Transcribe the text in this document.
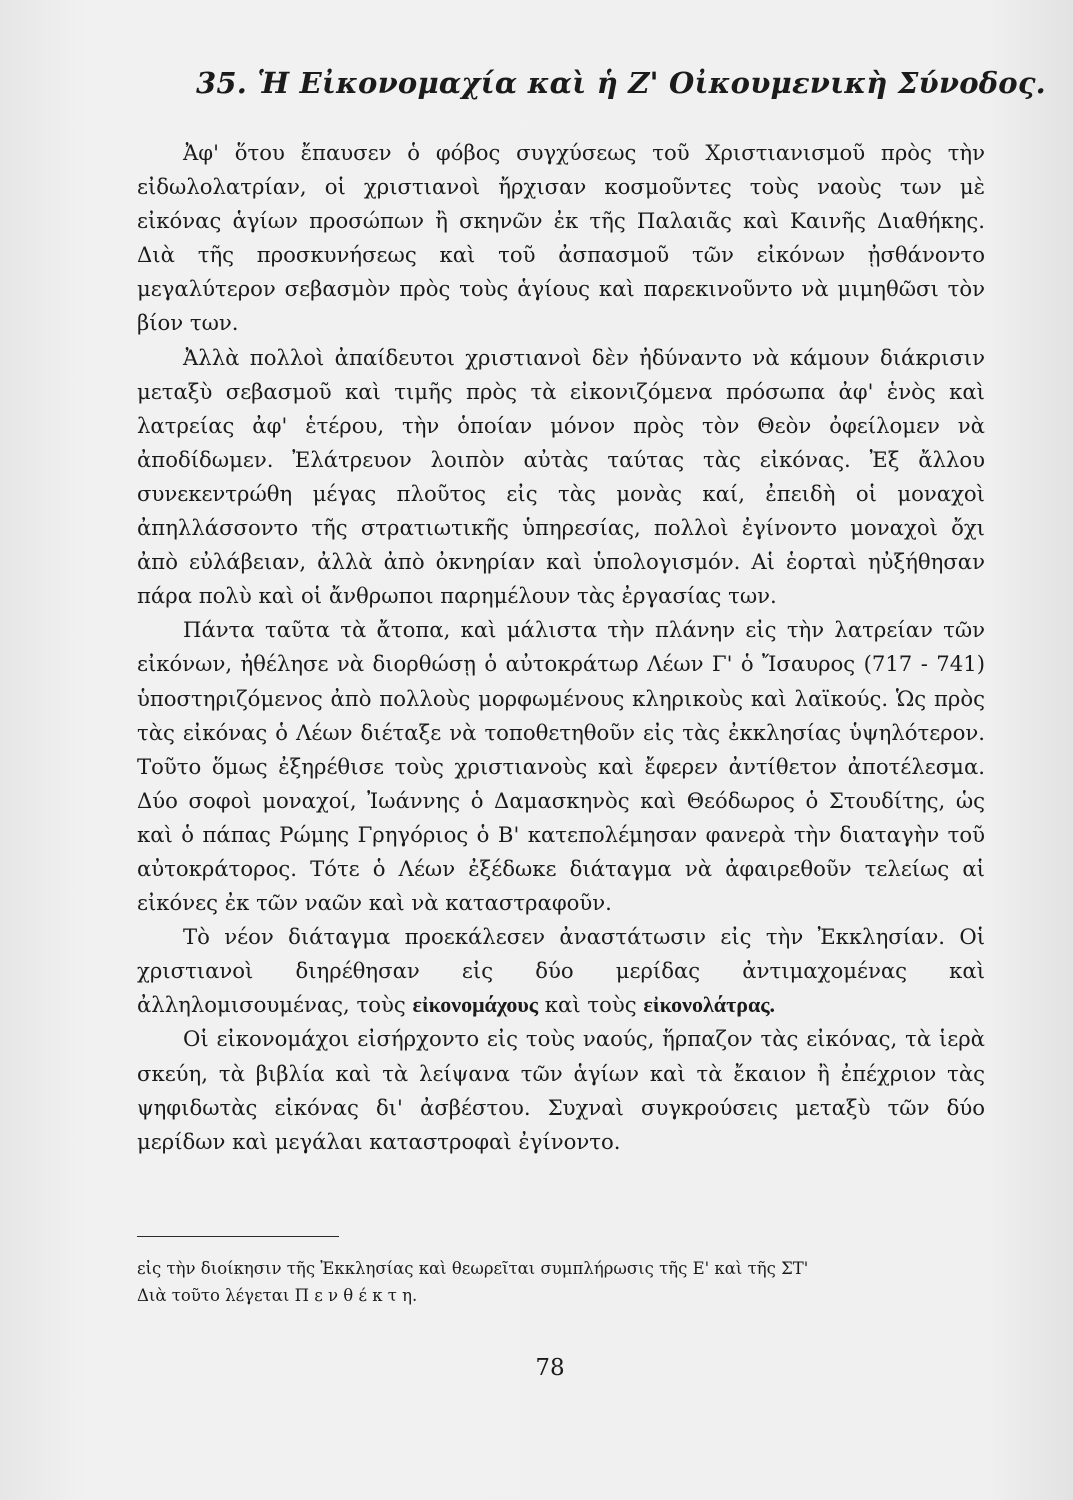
35. Ἡ Εἰκονομαχία καὶ ἡ Ζ' Οἰκουμενικὴ Σύνοδος.

Ἀφ' ὅτου ἔπαυσεν ὁ φόβος συγχύσεως τοῦ Χριστιανισμοῦ πρὸς τὴν εἰδωλολατρίαν, οἱ χριστιανοὶ ἤρχισαν κοσμοῦντες τοὺς ναοὺς των μὲ εἰκόνας ἁγίων προσώπων ἢ σκηνῶν ἐκ τῆς Παλαιᾶς καὶ Καινῆς Διαθήκης. Διὰ τῆς προσκυνήσεως καὶ τοῦ ἀσπασμοῦ τῶν εἰκόνων ᾐσθάνοντο μεγαλύτερον σεβασμὸν πρὸς τοὺς ἁγίους καὶ παρεκινοῦντο νὰ μιμηθῶσι τὸν βίον των.

Ἀλλὰ πολλοὶ ἀπαίδευτοι χριστιανοὶ δὲν ἠδύναντο νὰ κάμουν διάκρισιν μεταξὺ σεβασμοῦ καὶ τιμῆς πρὸς τὰ εἰκονιζόμενα πρόσωπα ἀφ' ἑνὸς καὶ λατρείας ἀφ' ἑτέρου, τὴν ὁποίαν μόνον πρὸς τὸν Θεὸν ὀφείλομεν νὰ ἀποδίδωμεν. Ἐλάτρευον λοιπὸν αὐτὰς ταύτας τὰς εἰκόνας. Ἐξ ἄλλου συνεκεντρώθη μέγας πλοῦτος εἰς τὰς μονὰς καί, ἐπειδὴ οἱ μοναχοὶ ἀπηλλάσσοντο τῆς στρατιωτικῆς ὑπηρεσίας, πολλοὶ ἐγίνοντο μοναχοὶ ὄχι ἀπὸ εὐλάβειαν, ἀλλὰ ἀπὸ ὀκνηρίαν καὶ ὑπολογισμόν. Αἱ ἑορταὶ ηὐξήθησαν πάρα πολὺ καὶ οἱ ἄνθρωποι παρημέλουν τὰς ἐργασίας των.

Πάντα ταῦτα τὰ ἄτοπα, καὶ μάλιστα τὴν πλάνην εἰς τὴν λατρείαν τῶν εἰκόνων, ἠθέλησε νὰ διορθώσῃ ὁ αὐτοκράτωρ Λέων Γ' ὁ Ἴσαυρος (717 - 741) ὑποστηριζόμενος ἀπὸ πολλοὺς μορφωμένους κληρικοὺς καὶ λαϊκούς. Ὡς πρὸς τὰς εἰκόνας ὁ Λέων διέταξε νὰ τοποθετηθοῦν εἰς τὰς ἐκκλησίας ὑψηλότερον. Τοῦτο ὅμως ἐξηρέθισε τοὺς χριστιανοὺς καὶ ἔφερεν ἀντίθετον ἀποτέλεσμα. Δύο σοφοὶ μοναχοί, Ἰωάννης ὁ Δαμασκηνὸς καὶ Θεόδωρος ὁ Στουδίτης, ὡς καὶ ὁ πάπας Ρώμης Γρηγόριος ὁ Β' κατεπολέμησαν φανερὰ τὴν διαταγὴν τοῦ αὐτοκράτορος. Τότε ὁ Λέων ἐξέδωκε διάταγμα νὰ ἀφαιρεθοῦν τελείως αἱ εἰκόνες ἐκ τῶν ναῶν καὶ νὰ καταστραφοῦν.

Τὸ νέον διάταγμα προεκάλεσεν ἀναστάτωσιν εἰς τὴν Ἐκκλησίαν. Οἱ χριστιανοὶ διηρέθησαν εἰς δύο μερίδας ἀντιμαχομένας καὶ ἀλληλομισουμένας, τοὺς εἰκονομάχους καὶ τοὺς εἰκονολάτρας.

Οἱ εἰκονομάχοι εἰσήρχοντο εἰς τοὺς ναούς, ἥρπαζον τὰς εἰκόνας, τὰ ἱερὰ σκεύη, τὰ βιβλία καὶ τὰ λείψανα τῶν ἁγίων καὶ τὰ ἔκαιον ἢ ἐπέχριον τὰς ψηφιδωτὰς εἰκόνας δι' ἀσβέστου. Συχναὶ συγκρούσεις μεταξὺ τῶν δύο μερίδων καὶ μεγάλαι καταστροφαὶ ἐγίνοντο.

εἰς τὴν διοίκησιν τῆς Ἐκκλησίας καὶ θεωρεῖται συμπλήρωσις τῆς Ε' καὶ τῆς ΣΤ'

Διὰ τοῦτο λέγεται Π ε ν θ έ κ τ η.

78
